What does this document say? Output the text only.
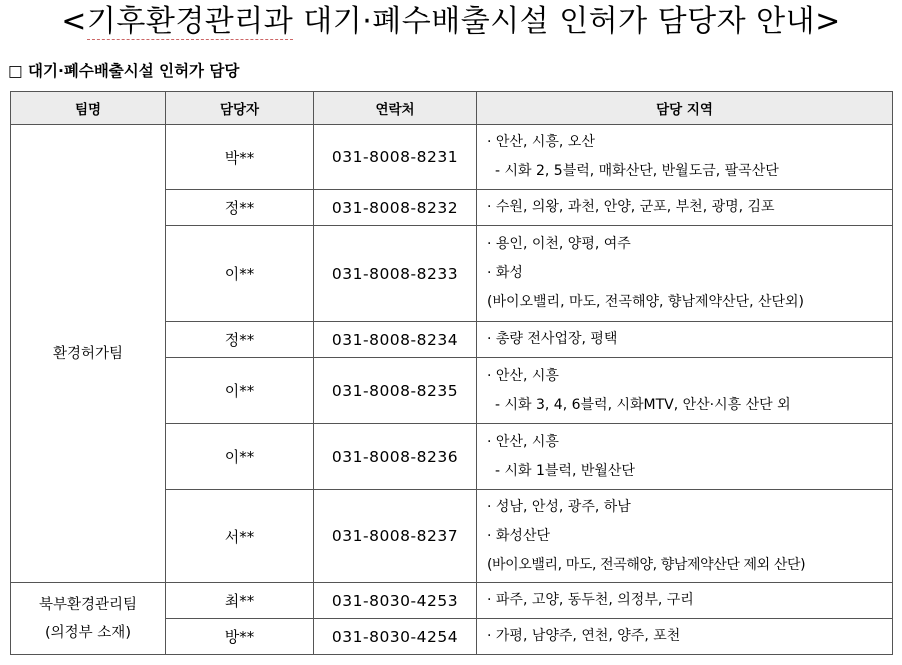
<기후환경관리과 대기·폐수배출시설 인허가 담당자 안내>
□ 대기·폐수배출시설 인허가 담당
팀명	담당자	연락처	담당 지역
환경허가팀	박**	031-8008-8231	· 안산, 시흥, 오산
- 시화 2, 5블럭, 매화산단, 반월도금, 팔곡산단

	정**	031-8008-8232	· 수원, 의왕, 과천, 안양, 군포, 부천, 광명, 김포

	이**	031-8008-8233	· 용인, 이천, 양평, 여주
· 화성
(바이오밸리, 마도, 전곡해양, 향남제약산단, 산단외)

	정**	031-8008-8234	· 총량 전사업장, 평택

	이**	031-8008-8235	· 안산, 시흥
- 시화 3, 4, 6블럭, 시화MTV, 안산·시흥 산단 외

	이**	031-8008-8236	· 안산, 시흥
- 시화 1블럭, 반월산단

	서**	031-8008-8237	· 성남, 안성, 광주, 하남
· 화성산단
(바이오밸리, 마도, 전곡해양, 향남제약산단 제외 산단)

북부환경관리팀
(의정부 소재)	최**	031-8030-4253	· 파주, 고양, 동두천, 의정부, 구리

	방**	031-8030-4254	· 가평, 남양주, 연천, 양주, 포천
